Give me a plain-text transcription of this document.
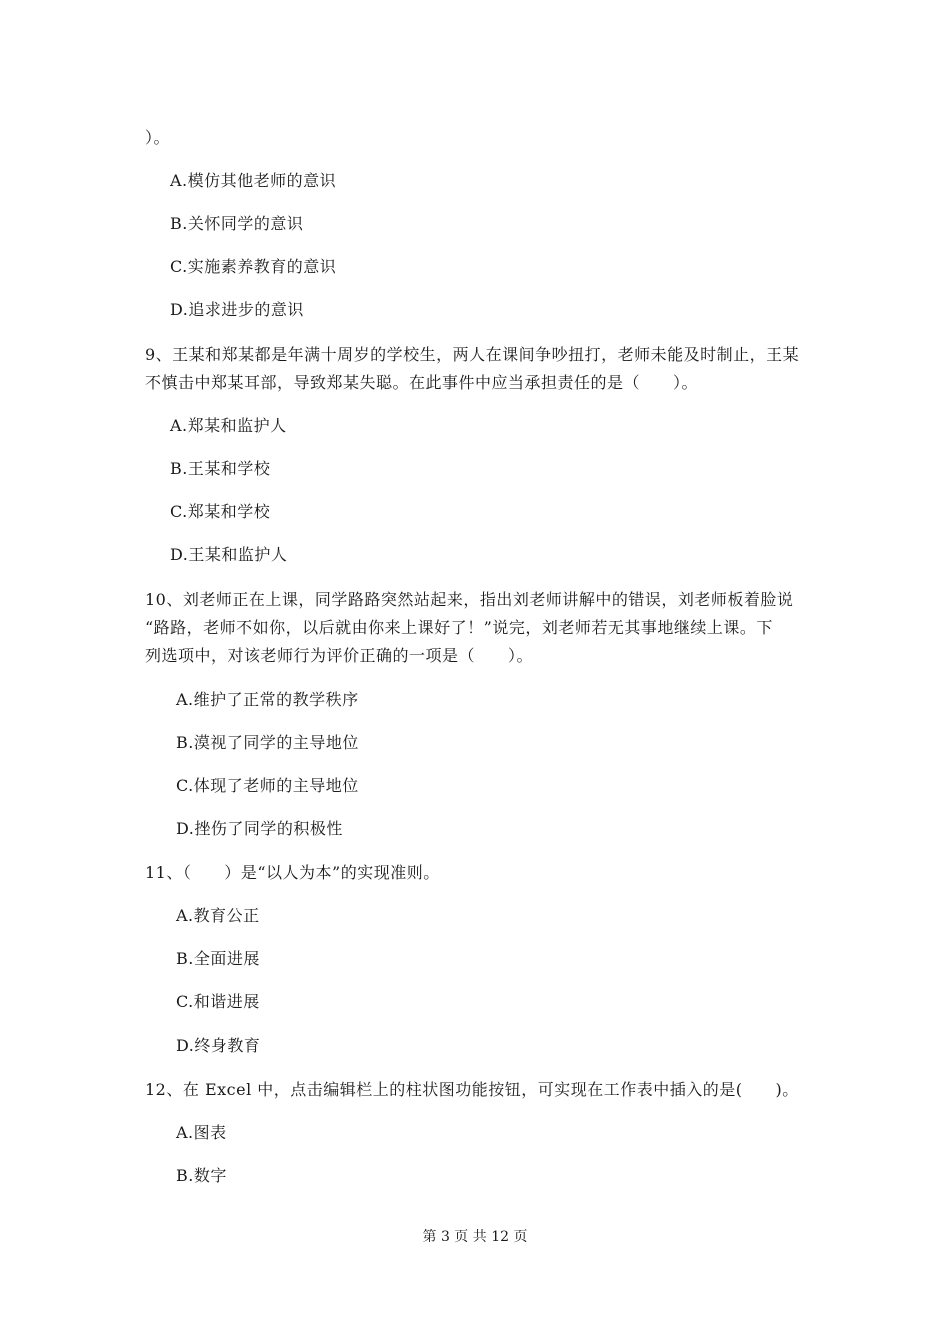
）。
A.模仿其他老师的意识
B.关怀同学的意识
C.实施素养教育的意识
D.追求进步的意识
9、王某和郑某都是年满十周岁的学校生，两人在课间争吵扭打，老师未能及时制止，王某
不慎击中郑某耳部，导致郑某失聪。在此事件中应当承担责任的是（　　）。
A.郑某和监护人
B.王某和学校
C.郑某和学校
D.王某和监护人
10、刘老师正在上课，同学路路突然站起来，指出刘老师讲解中的错误，刘老师板着脸说
“路路，老师不如你，以后就由你来上课好了！”说完，刘老师若无其事地继续上课。下
列选项中，对该老师行为评价正确的一项是（　　）。
A.维护了正常的教学秩序
B.漠视了同学的主导地位
C.体现了老师的主导地位
D.挫伤了同学的积极性
11、（　　）是“以人为本”的实现准则。
A.教育公正
B.全面进展
C.和谐进展
D.终身教育
12、在 Excel 中，点击编辑栏上的柱状图功能按钮，可实现在工作表中插入的是(　　)。
A.图表
B.数字
第 3 页 共 12 页
